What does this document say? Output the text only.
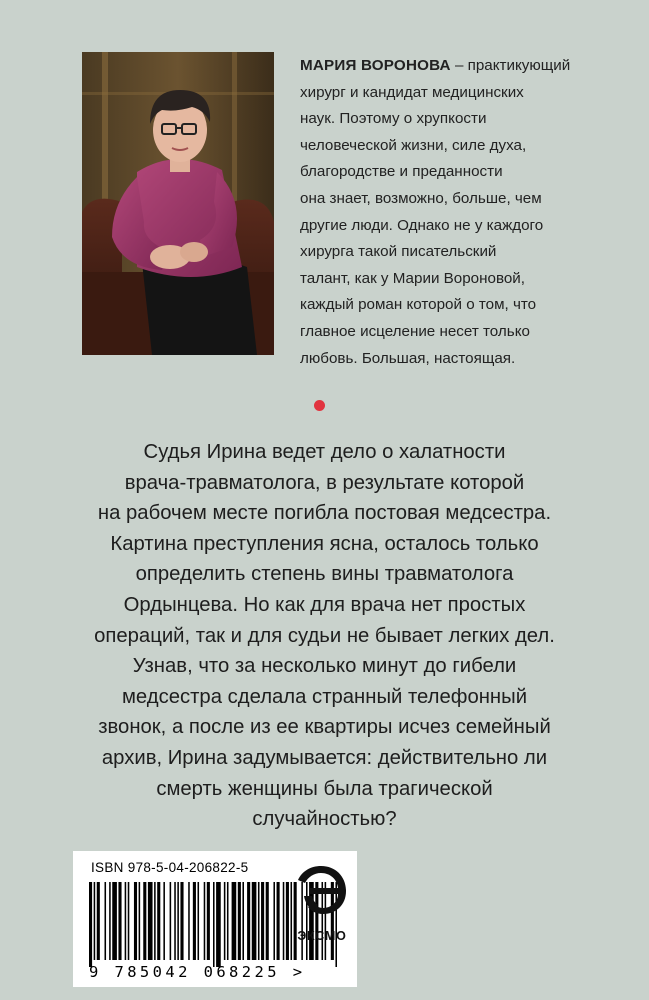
МАРИЯ ВОРОНОВА – практикующий
хирург и кандидат медицинских
наук. Поэтому о хрупкости
человеческой жизни, силе духа,
благородстве и преданности
она знает, возможно, больше, чем
другие люди. Однако не у каждого
хирурга такой писательский
талант, как у Марии Вороновой,
каждый роман которой о том, что
главное исцеление несет только
любовь. Большая, настоящая.
Судья Ирина ведет дело о халатности
врача-травматолога, в результате которой
на рабочем месте погибла постовая медсестра.
Картина преступления ясна, осталось только
определить степень вины травматолога
Ордынцева. Но как для врача нет простых
операций, так и для судьи не бывает легких дел.
Узнав, что за несколько минут до гибели
медсестра сделала странный телефонный
звонок, а после из ее квартиры исчез семейный
архив, Ирина задумывается: действительно ли
смерть женщины была трагической
случайностью?
ISBN 978-5-04-206822-5
9 785042 068225 >
ЭКСМО
